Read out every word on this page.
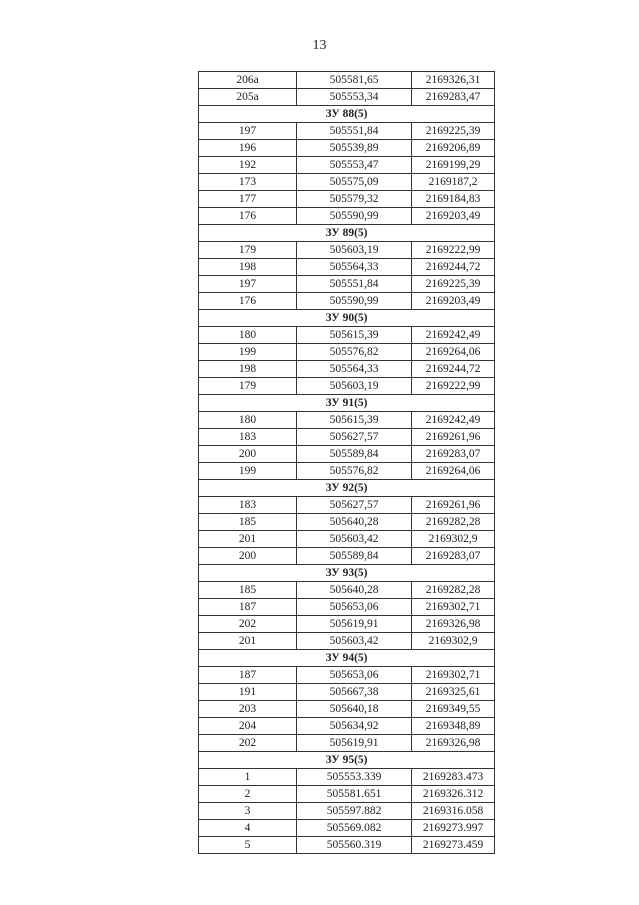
13
206а	505581,65	2169326,31
205а	505553,34	2169283,47
ЗУ 88(5)		
197	505551,84	2169225,39
196	505539,89	2169206,89
192	505553,47	2169199,29
173	505575,09	2169187,2
177	505579,32	2169184,83
176	505590,99	2169203,49
ЗУ 89(5)		
179	505603,19	2169222,99
198	505564,33	2169244,72
197	505551,84	2169225,39
176	505590,99	2169203,49
ЗУ 90(5)		
180	505615,39	2169242,49
199	505576,82	2169264,06
198	505564,33	2169244,72
179	505603,19	2169222,99
ЗУ 91(5)		
180	505615,39	2169242,49
183	505627,57	2169261,96
200	505589,84	2169283,07
199	505576,82	2169264,06
ЗУ 92(5)		
183	505627,57	2169261,96
185	505640,28	2169282,28
201	505603,42	2169302,9
200	505589,84	2169283,07
ЗУ 93(5)		
185	505640,28	2169282,28
187	505653,06	2169302,71
202	505619,91	2169326,98
201	505603,42	2169302,9
ЗУ 94(5)		
187	505653,06	2169302,71
191	505667,38	2169325,61
203	505640,18	2169349,55
204	505634,92	2169348,89
202	505619,91	2169326,98
ЗУ 95(5)		
1	505553.339	2169283.473
2	505581.651	2169326.312
3	505597.882	2169316.058
4	505569.082	2169273.997
5	505560.319	2169273.459
